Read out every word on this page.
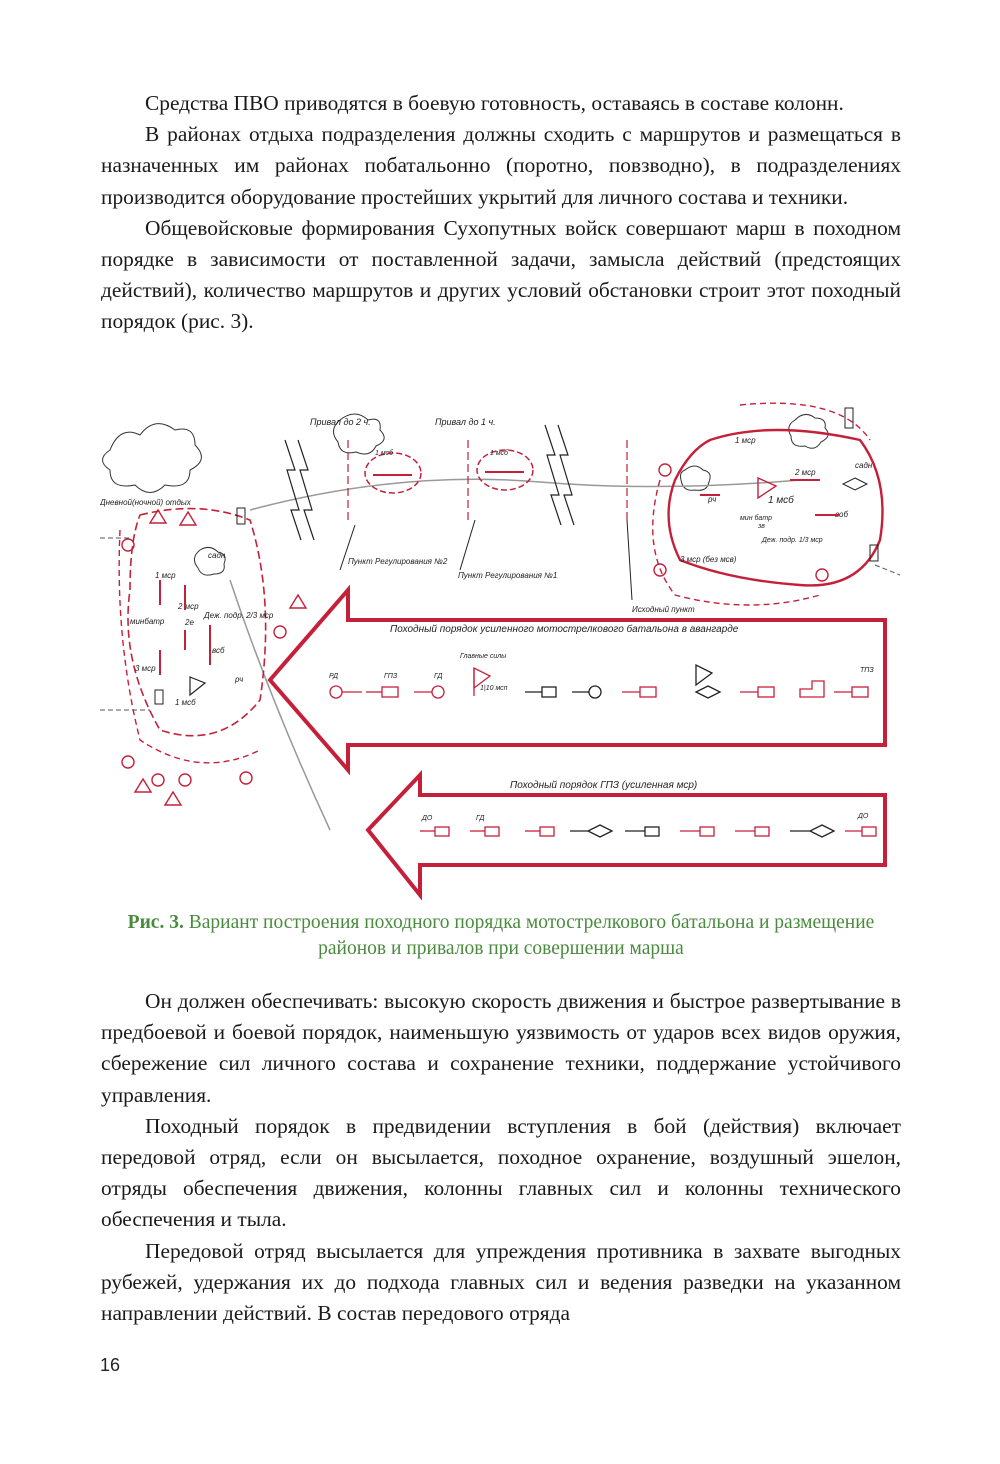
Средства ПВО приводятся в боевую готовность, оставаясь в составе колонн.

В районах отдыха подразделения должны сходить с маршрутов и размещаться в назначенных им районах побатальонно (поротно, повзводно), в подразделениях производится оборудование простейших укрытий для личного состава и техники.

Общевойсковые формирования Сухопутных войск совершают марш в походном порядке в зависимости от поставленной задачи, замысла действий (предстоящих действий), количество маршрутов и других условий обстановки строит этот походный порядок (рис. 3).

Привал до 2 ч.	Привал до 1 ч.
1 мсб	1 мсб
Пункт Регулирования №2
Пункт Регулирования №1
Исходный пункт
Дневной(ночной) отдых
1 мср
садн
2 мср
Деж. подр. 2/3 мср
всб
минбатр
3 мср
рч
2е
1 мсб
1 мср
2 мср
садн
рч	1 мсб
мин батр
зв
воб
Деж. подр. 1/3 мср
3 мср (без мсв)
Походный порядок усиленного мотострелкового батальона в авангарде
Главные силы
1|10 мсп
РД	ГПЗ	ГД
ТПЗ
Походный порядок ГПЗ (усиленная мср)
ДО	ГД	ДО
Рис. 3. Вариант построения походного порядка мотострелкового батальона и размещение районов и привалов при совершении марша

Он должен обеспечивать: высокую скорость движения и быстрое развертывание в предбоевой и боевой порядок, наименьшую уязвимость от ударов всех видов оружия, сбережение сил личного состава и сохранение техники, поддержание устойчивого управления.

Походный порядок в предвидении вступления в бой (действия) включает передовой отряд, если он высылается, походное охранение, воздушный эшелон, отряды обеспечения движения, колонны главных сил и колонны технического обеспечения и тыла.

Передовой отряд высылается для упреждения противника в захвате выгодных рубежей, удержания их до подхода главных сил и ведения разведки на указанном направлении действий. В состав передового отряда

16
